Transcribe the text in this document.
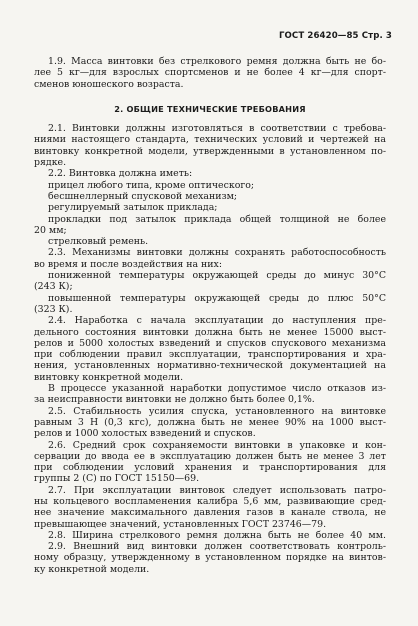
ГОСТ 26420—85 Стр. 3
1.9. Масса винтовки без стрелкового ремня должна быть не бо-
лее 5 кг—для взрослых спортсменов и не более 4 кг—для спорт-
сменов юношеского возраста.
2. ОБЩИЕ ТЕХНИЧЕСКИЕ ТРЕБОВАНИЯ
2.1. Винтовки должны изготовляться в соответствии с требова-
ниями настоящего стандарта, технических условий и чертежей на
винтовку конкретной модели, утвержденными в установленном по-
рядке.
2.2. Винтовка должна иметь:
прицел любого типа, кроме оптического;
бесшнеллерный спусковой механизм;
регулируемый затылок приклада;
прокладки под затылок приклада общей толщиной не более
20 мм;
стрелковый ремень.
2.3. Механизмы винтовки должны сохранять работоспособность
во время и после воздействия на них:
пониженной температуры окружающей среды до минус 30°С
(243 К);
повышенной температуры окружающей среды до плюс 50°С
(323 К).
2.4. Наработка с начала эксплуатации до наступления пре-
дельного состояния винтовки должна быть не менее 15000 выст-
релов и 5000 холостых взведений и спусков спускового механизма
при соблюдении правил эксплуатации, транспортирования и хра-
нения, установленных нормативно-технической документацией на
винтовку конкретной модели.
В процессе указанной наработки допустимое число отказов из-
за неисправности винтовки не должно быть более 0,1%.
2.5. Стабильность усилия спуска, установленного на винтовке
равным 3 Н (0,3 кгс), должна быть не менее 90% на 1000 выст-
релов и 1000 холостых взведений и спусков.
2.6. Средний срок сохраняемости винтовки в упаковке и кон-
сервации до ввода ее в эксплуатацию должен быть не менее 3 лет
при соблюдении условий хранения и транспортирования для
группы 2 (С) по ГОСТ 15150—69.
2.7. При эксплуатации винтовок следует использовать патро-
ны кольцевого воспламенения калибра 5,6 мм, развивающие сред-
нее значение максимального давления газов в канале ствола, не
превышающее значений, установленных ГОСТ 23746—79.
2.8. Ширина стрелкового ремня должна быть не более 40 мм.
2.9. Внешний вид винтовки должен соответствовать контроль-
ному образцу, утвержденному в установленном порядке на винтов-
ку конкретной модели.
